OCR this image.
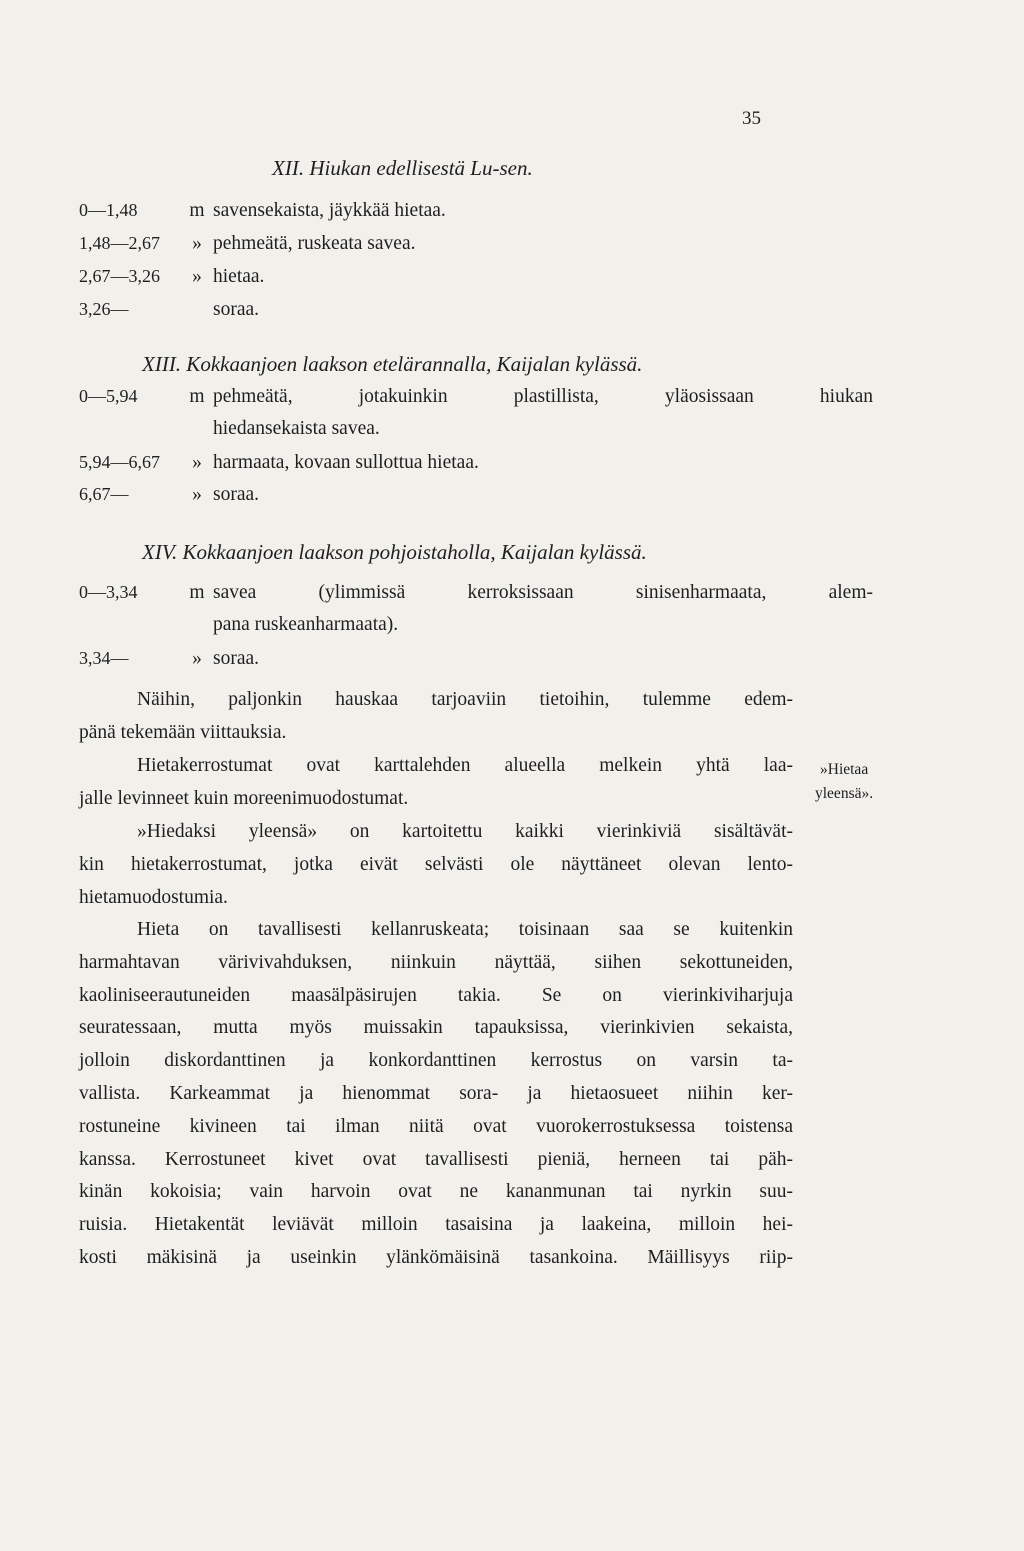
35
XII. Hiukan edellisestä Lu-sen.
0—1,48	m savensekaista, jäykkää hietaa.
1,48—2,67 » pehmeätä, ruskeata savea.
2,67—3,26 » hietaa.
3,26—	soraa.
XIII. Kokkaanjoen laakson etelärannalla, Kaijalan kylässä.
0—5,94	m pehmeätä, jotakuinkin plastillista, yläosissaan hiukan
hiedansekaista savea.
5,94—6,67 » harmaata, kovaan sullottua hietaa.
6,67—	» soraa.
XIV. Kokkaanjoen laakson pohjoistaholla, Kaijalan kylässä.
0—3,34	m savea (ylimmissä kerroksissaan sinisenharmaata, alem-
pana ruskeanharmaata).
3,34—	» soraa.
Näihin, paljonkin hauskaa tarjoaviin tietoihin, tulemme edem-
pänä tekemään viittauksia.
Hietakerrostumat ovat karttalehden alueella melkein yhtä laa-
jalle levinneet kuin moreenimuodostumat.
»Hiedaksi yleensä» on kartoitettu kaikki vierinkiviä sisältävät-
kin hietakerrostumat, jotka eivät selvästi ole näyttäneet olevan lento-
hietamuodostumia.
Hieta on tavallisesti kellanruskeata; toisinaan saa se kuitenkin
harmahtavan värivivahduksen, niinkuin näyttää, siihen sekottuneiden,
kaoliniseerautuneiden maasälpäsirujen takia. Se on vierinkiviharjuja
seuratessaan, mutta myös muissakin tapauksissa, vierinkivien sekaista,
jolloin diskordanttinen ja konkordanttinen kerrostus on varsin ta-
vallista. Karkeammat ja hienommat sora- ja hietaosueet niihin ker-
rostuneine kivineen tai ilman niitä ovat vuorokerrostuksessa toistensa
kanssa. Kerrostuneet kivet ovat tavallisesti pieniä, herneen tai päh-
kinän kokoisia; vain harvoin ovat ne kananmunan tai nyrkin suu-
ruisia. Hietakentät leviävät milloin tasaisina ja laakeina, milloin hei-
kosti mäkisinä ja useinkin ylänkömäisinä tasankoina. Mäillisyys riip-
»Hietaa
yleensä».
